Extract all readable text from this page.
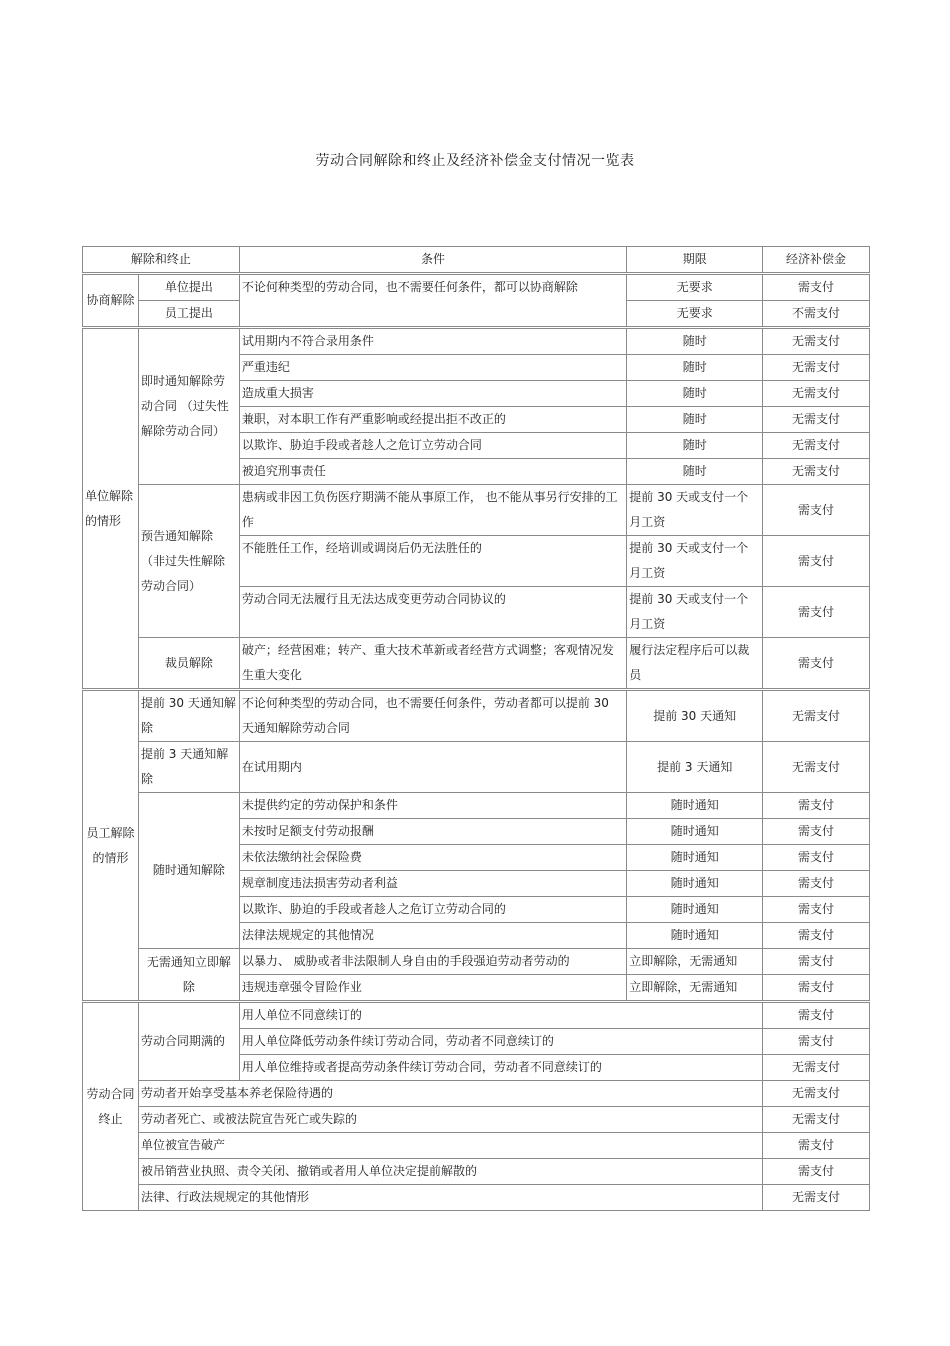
劳动合同解除和终止及经济补偿金支付情况一览表
解除和终止		条件	期限	经济补偿金
协商解除	单位提出	不论何种类型的劳动合同，也不需要任何条件，都可以协商解除	无要求	需支付
	员工提出		无要求	不需支付
单位解除的情形	即时通知解除劳动合同 （过失性解除劳动合同）	试用期内不符合录用条件	随时	无需支付
		严重违纪	随时	无需支付
		造成重大损害	随时	无需支付
		兼职，对本职工作有严重影响或经提出拒不改正的	随时	无需支付
		以欺诈、胁迫手段或者趁人之危订立劳动合同	随时	无需支付
		被追究刑事责任	随时	无需支付
	预告通知解除 （非过失性解除劳动合同）	患病或非因工负伤医疗期满不能从事原工作， 也不能从事另行安排的工作	提前 30 天或支付一个月工资	需支付
		不能胜任工作，经培训或调岗后仍无法胜任的	提前 30 天或支付一个月工资	需支付
		劳动合同无法履行且无法达成变更劳动合同协议的	提前 30 天或支付一个月工资	需支付
	裁员解除	破产；经营困难；转产、重大技术革新或者经营方式调整；客观情况发生重大变化	履行法定程序后可以裁员	需支付
员工解除的情形	提前 30 天通知解除	不论何种类型的劳动合同，也不需要任何条件，劳动者都可以提前 30 天通知解除劳动合同	提前 30 天通知	无需支付
	提前 3 天通知解除	在试用期内	提前 3 天通知	无需支付
	随时通知解除	未提供约定的劳动保护和条件	随时通知	需支付
		未按时足额支付劳动报酬	随时通知	需支付
		未依法缴纳社会保险费	随时通知	需支付
		规章制度违法损害劳动者利益	随时通知	需支付
		以欺诈、胁迫的手段或者趁人之危订立劳动合同的	随时通知	需支付
		法律法规规定的其他情况	随时通知	需支付
	无需通知立即解除	以暴力、 威胁或者非法限制人身自由的手段强迫劳动者劳动的	立即解除，无需通知	需支付
		违规违章强令冒险作业	立即解除，无需通知	需支付
劳动合同终止	劳动合同期满的	用人单位不同意续订的		需支付
		用人单位降低劳动条件续订劳动合同，劳动者不同意续订的		需支付
		用人单位维持或者提高劳动条件续订劳动合同，劳动者不同意续订的		无需支付
	劳动者开始享受基本养老保险待遇的			无需支付
	劳动者死亡、或被法院宣告死亡或失踪的			无需支付
	单位被宣告破产			需支付
	被吊销营业执照、责令关闭、撤销或者用人单位决定提前解散的			需支付
	法律、行政法规规定的其他情形			无需支付
